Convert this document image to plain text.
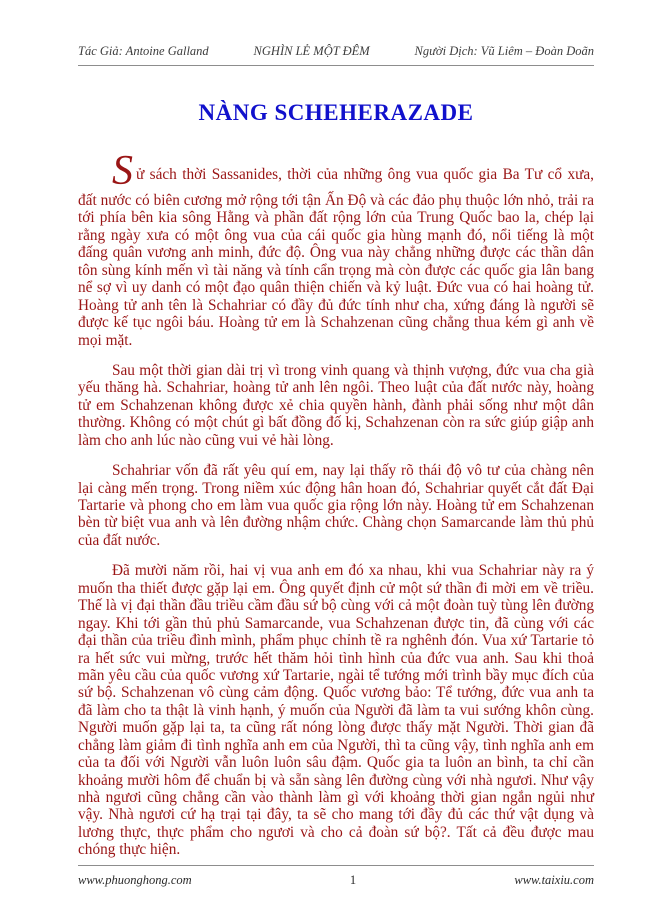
Tác Giả: Antoine Galland	NGHÌN LẺ MỘT ĐÊM	Người Dịch: Vũ Liêm – Đoàn Doãn
NÀNG SCHEHERAZADE

Sử sách thời Sassanides, thời của những ông vua quốc gia Ba Tư cổ xưa, đất nước có biên cương mở rộng tới tận Ấn Độ và các đảo phụ thuộc lớn nhỏ, trải ra tới phía bên kia sông Hằng và phần đất rộng lớn của Trung Quốc bao la, chép lại rằng ngày xưa có một ông vua của cái quốc gia hùng mạnh đó, nổi tiếng là một đấng quân vương anh minh, đức độ. Ông vua này chẳng những được các thần dân tôn sùng kính mến vì tài năng và tính cẩn trọng mà còn được các quốc gia lân bang nể sợ vì uy danh có một đạo quân thiện chiến và kỷ luật. Đức vua có hai hoàng tử. Hoàng tử anh tên là Schahriar có đầy đủ đức tính như cha, xứng đáng là người sẽ được kế tục ngôi báu. Hoàng tử em là Schahzenan cũng chẳng thua kém gì anh về mọi mặt.

Sau một thời gian dài trị vì trong vinh quang và thịnh vượng, đức vua cha già yếu thăng hà. Schahriar, hoàng tử anh lên ngôi. Theo luật của đất nước này, hoàng tử em Schahzenan không được xẻ chia quyền hành, đành phải sống như một dân thường. Không có một chút gì bất đồng đố kị, Schahzenan còn ra sức giúp giập anh làm cho anh lúc nào cũng vui vẻ hài lòng.

Schahriar vốn đã rất yêu quí em, nay lại thấy rõ thái độ vô tư của chàng nên lại càng mến trọng. Trong niềm xúc động hân hoan đó, Schahriar quyết cắt đất Đại Tartarie và phong cho em làm vua quốc gia rộng lớn này. Hoàng tử em Schahzenan bèn từ biệt vua anh và lên đường nhậm chức. Chàng chọn Samarcande làm thủ phủ của đất nước.

Đã mười năm rồi, hai vị vua anh em đó xa nhau, khi vua Schahriar này ra ý muốn tha thiết được gặp lại em. Ông quyết định cử một sứ thần đi mời em về triều. Thế là vị đại thần đầu triều cầm đầu sứ bộ cùng với cả một đoàn tuỳ tùng lên đường ngay. Khi tới gần thủ phủ Samarcande, vua Schahzenan được tin, đã cùng với các đại thần của triều đình mình, phẩm phục chỉnh tề ra nghênh đón. Vua xứ Tartarie tỏ ra hết sức vui mừng, trước hết thăm hỏi tình hình của đức vua anh. Sau khi thoả mãn yêu cầu của quốc vương xứ Tartarie, ngài tể tướng mới trình bầy mục đích của sứ bộ. Schahzenan vô cùng cảm động. Quốc vương bảo: Tể tướng, đức vua anh ta đã làm cho ta thật là vinh hạnh, ý muốn của Người đã làm ta vui sướng khôn cùng. Người muốn gặp lại ta, ta cũng rất nóng lòng được thấy mặt Người. Thời gian đã chẳng làm giảm đi tình nghĩa anh em của Người, thì ta cũng vậy, tình nghĩa anh em của ta đối với Người vẫn luôn luôn sâu đậm. Quốc gia ta luôn an bình, ta chỉ cần khoảng mười hôm để chuẩn bị và sẵn sàng lên đường cùng với nhà ngươi. Như vậy nhà ngươi cũng chẳng cần vào thành làm gì với khoảng thời gian ngắn ngủi như vậy. Nhà ngươi cứ hạ trại tại đây, ta sẽ cho mang tới đầy đủ các thứ vật dụng và lương thực, thực phẩm cho ngươi và cho cả đoàn sứ bộ?. Tất cả đều được mau chóng thực hiện.

www.phuonghong.com	1	www.taixiu.com
